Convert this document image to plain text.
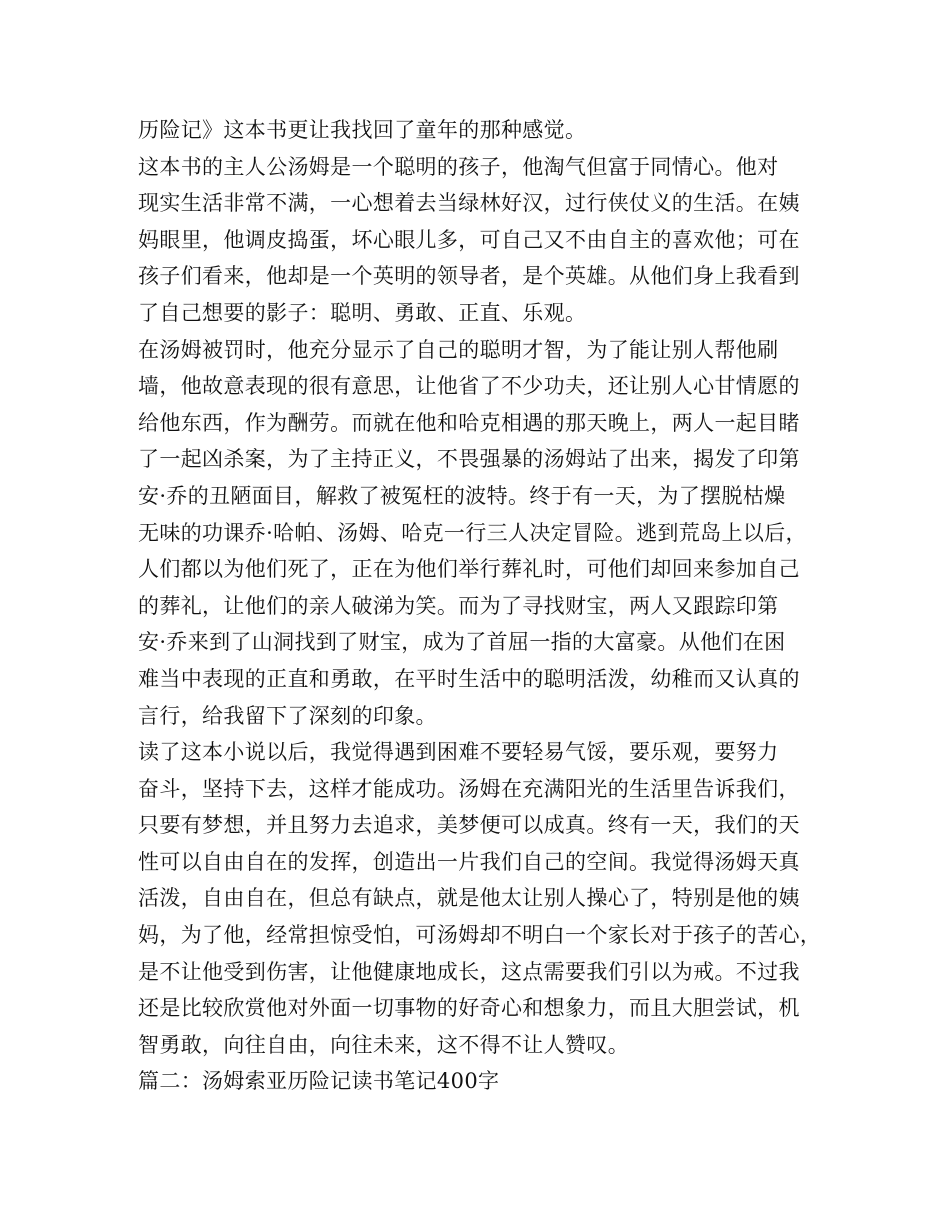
历险记》这本书更让我找回了童年的那种感觉。
这本书的主人公汤姆是一个聪明的孩子，他淘气但富于同情心。他对
现实生活非常不满，一心想着去当绿林好汉，过行侠仗义的生活。在姨
妈眼里，他调皮捣蛋，坏心眼儿多，可自己又不由自主的喜欢他；可在
孩子们看来，他却是一个英明的领导者，是个英雄。从他们身上我看到
了自己想要的影子：聪明、勇敢、正直、乐观。
在汤姆被罚时，他充分显示了自己的聪明才智，为了能让别人帮他刷
墙，他故意表现的很有意思，让他省了不少功夫，还让别人心甘情愿的
给他东西，作为酬劳。而就在他和哈克相遇的那天晚上，两人一起目睹
了一起凶杀案，为了主持正义，不畏强暴的汤姆站了出来，揭发了印第
安·乔的丑陋面目，解救了被冤枉的波特。终于有一天，为了摆脱枯燥
无味的功课乔·哈帕、汤姆、哈克一行三人决定冒险。逃到荒岛上以后，
人们都以为他们死了，正在为他们举行葬礼时，可他们却回来参加自己
的葬礼，让他们的亲人破涕为笑。而为了寻找财宝，两人又跟踪印第
安·乔来到了山洞找到了财宝，成为了首屈一指的大富豪。从他们在困
难当中表现的正直和勇敢，在平时生活中的聪明活泼，幼稚而又认真的
言行，给我留下了深刻的印象。
读了这本小说以后，我觉得遇到困难不要轻易气馁，要乐观，要努力
奋斗，坚持下去，这样才能成功。汤姆在充满阳光的生活里告诉我们，
只要有梦想，并且努力去追求，美梦便可以成真。终有一天，我们的天
性可以自由自在的发挥，创造出一片我们自己的空间。我觉得汤姆天真
活泼，自由自在，但总有缺点，就是他太让别人操心了，特别是他的姨
妈，为了他，经常担惊受怕，可汤姆却不明白一个家长对于孩子的苦心，
是不让他受到伤害，让他健康地成长，这点需要我们引以为戒。不过我
还是比较欣赏他对外面一切事物的好奇心和想象力，而且大胆尝试，机
智勇敢，向往自由，向往未来，这不得不让人赞叹。
篇二：汤姆索亚历险记读书笔记400字
